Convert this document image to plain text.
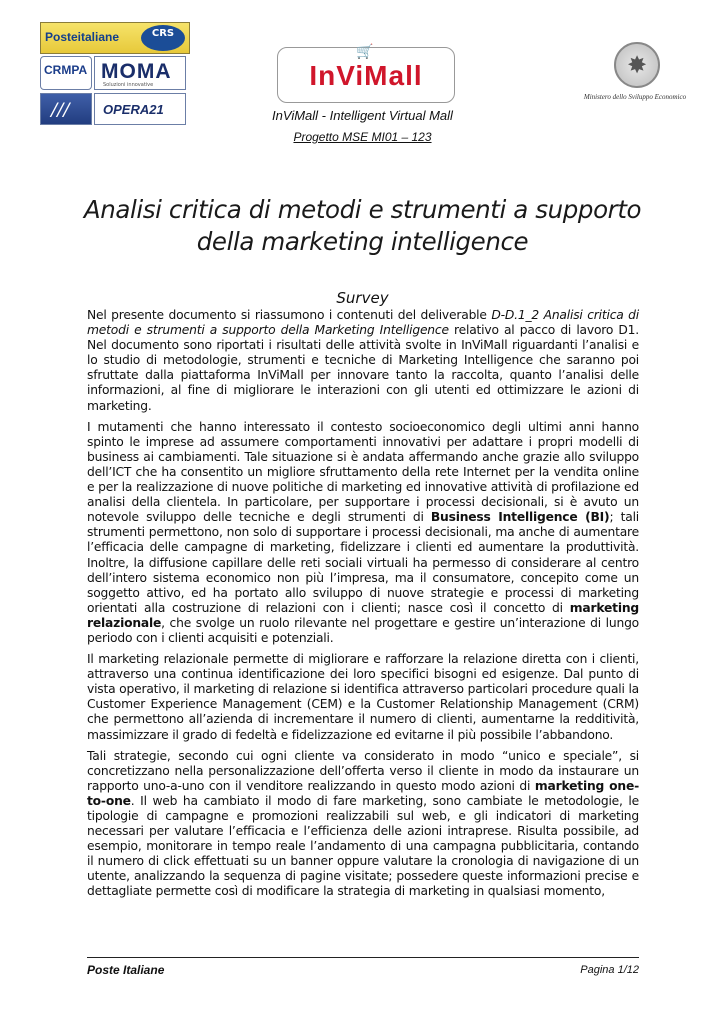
Posteitaliane	CRS
CRMPA MOMA
Soluzioni innovative
///	OPERA21
🛒
InViMall	✸
Ministero dello Sviluppo Economico
InViMall - Intelligent Virtual Mall
Progetto MSE MI01 – 123
Analisi critica di metodi e strumenti a supporto
della marketing intelligence
Survey

Nel presente documento si riassumono i contenuti del deliverable D-D.1_2 Analisi critica di metodi e strumenti a supporto della Marketing Intelligence relativo al pacco di lavoro D1. Nel documento sono riportati i risultati delle attività svolte in InViMall riguardanti l’analisi e lo studio di metodologie, strumenti e tecniche di Marketing Intelligence che saranno poi sfruttate dalla piattaforma InViMall per innovare tanto la raccolta, quanto l’analisi delle informazioni, al fine di migliorare le interazioni con gli utenti ed ottimizzare le azioni di marketing.

I mutamenti che hanno interessato il contesto socioeconomico degli ultimi anni hanno spinto le imprese ad assumere comportamenti innovativi per adattare i propri modelli di business ai cambiamenti. Tale situazione si è andata affermando anche grazie allo sviluppo dell’ICT che ha consentito un migliore sfruttamento della rete Internet per la vendita online e per la realizzazione di nuove politiche di marketing ed innovative attività di profilazione ed analisi della clientela. In particolare, per supportare i processi decisionali, si è avuto un notevole sviluppo delle tecniche e degli strumenti di Business Intelligence (BI); tali strumenti permettono, non solo di supportare i processi decisionali, ma anche di aumentare l’efficacia delle campagne di marketing, fidelizzare i clienti ed aumentare la produttività. Inoltre, la diffusione capillare delle reti sociali virtuali ha permesso di considerare al centro dell’intero sistema economico non più l’impresa, ma il consumatore, concepito come un soggetto attivo, ed ha portato allo sviluppo di nuove strategie e processi di marketing orientati alla costruzione di relazioni con i clienti; nasce così il concetto di marketing relazionale, che svolge un ruolo rilevante nel progettare e gestire un’interazione di lungo periodo con i clienti acquisiti e potenziali.

Il marketing relazionale permette di migliorare e rafforzare la relazione diretta con i clienti, attraverso una continua identificazione dei loro specifici bisogni ed esigenze. Dal punto di vista operativo, il marketing di relazione si identifica attraverso particolari procedure quali la Customer Experience Management (CEM) e la Customer Relationship Management (CRM) che permettono all’azienda di incrementare il numero di clienti, aumentarne la redditività, massimizzare il grado di fedeltà e fidelizzazione ed evitarne il più possibile l’abbandono.

Tali strategie, secondo cui ogni cliente va considerato in modo “unico e speciale”, si concretizzano nella personalizzazione dell’offerta verso il cliente in modo da instaurare un rapporto uno-a-uno con il venditore realizzando in questo modo azioni di marketing one-to-one. Il web ha cambiato il modo di fare marketing, sono cambiate le metodologie, le tipologie di campagne e promozioni realizzabili sul web, e gli indicatori di marketing necessari per valutare l’efficacia e l’efficienza delle azioni intraprese. Risulta possibile, ad esempio, monitorare in tempo reale l’andamento di una campagna pubblicitaria, contando il numero di click effettuati su un banner oppure valutare la cronologia di navigazione di un utente, analizzando la sequenza di pagine visitate; possedere queste informazioni precise e dettagliate permette così di modificare la strategia di marketing in qualsiasi momento,

Poste Italiane	Pagina 1/12
